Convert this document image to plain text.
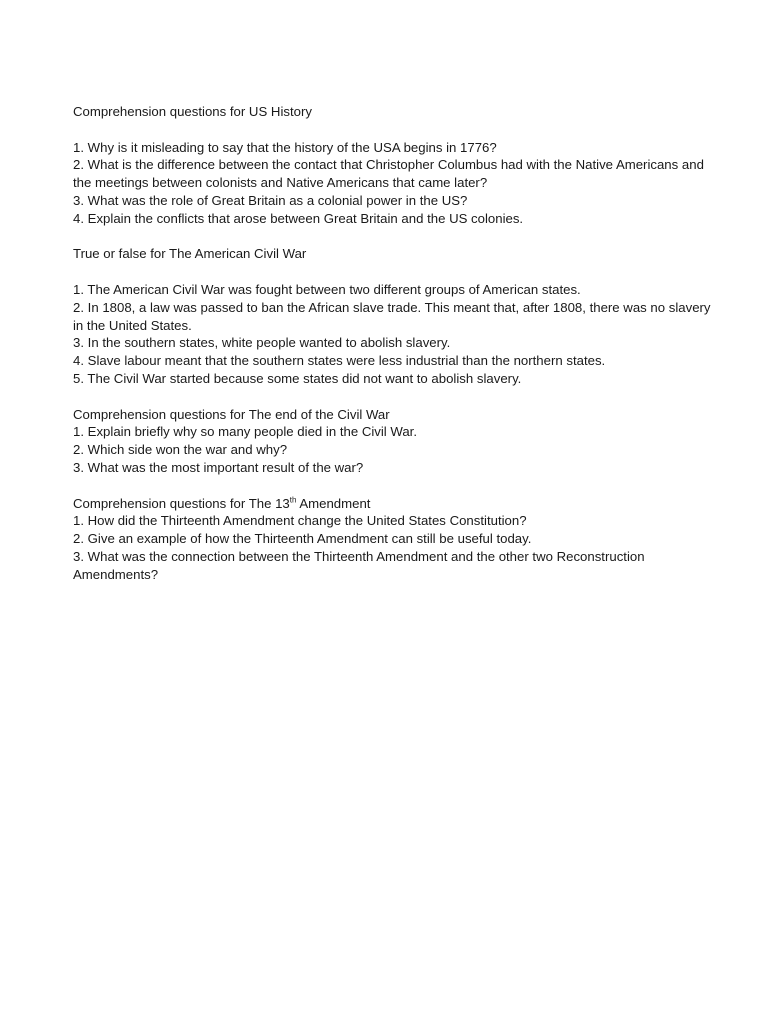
Comprehension questions for US History

1. Why is it misleading to say that the history of the USA begins in 1776?

2. What is the difference between the contact that Christopher Columbus had with the Native Americans and the meetings between colonists and Native Americans that came later?

3. What was the role of Great Britain as a colonial power in the US?

4. Explain the conflicts that arose between Great Britain and the US colonies.

True or false for The American Civil War

1. The American Civil War was fought between two different groups of American states.

2. In 1808, a law was passed to ban the African slave trade. This meant that, after 1808, there was no slavery in the United States.

3. In the southern states, white people wanted to abolish slavery.

4. Slave labour meant that the southern states were less industrial than the northern states.

5. The Civil War started because some states did not want to abolish slavery.

Comprehension questions for The end of the Civil War

1. Explain briefly why so many people died in the Civil War.

2. Which side won the war and why?

3. What was the most important result of the war?

Comprehension questions for The 13th Amendment

1. How did the Thirteenth Amendment change the United States Constitution?

2. Give an example of how the Thirteenth Amendment can still be useful today.

3. What was the connection between the Thirteenth Amendment and the other two Reconstruction Amendments?
